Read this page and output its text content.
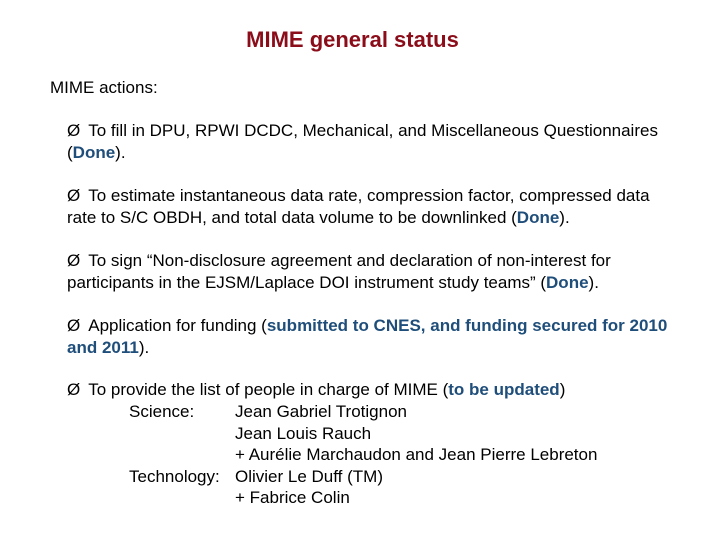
MIME general status
MIME actions:
Ø To fill in DPU, RPWI DCDC, Mechanical, and Miscellaneous Questionnaires (Done).
Ø To estimate instantaneous data rate, compression factor, compressed data rate to S/C OBDH, and total data volume to be downlinked (Done).
Ø To sign “Non-disclosure agreement and declaration of non-interest for participants in the EJSM/Laplace DOI instrument study teams” (Done).
Ø Application for funding (submitted to CNES, and funding secured for 2010 and 2011).
Ø To provide the list of people in charge of MIME (to be updated)
Science: Jean Gabriel Trotignon
Jean Louis Rauch
+ Aurélie Marchaudon and Jean Pierre Lebreton
Technology: Olivier Le Duff (TM)
+ Fabrice Colin
